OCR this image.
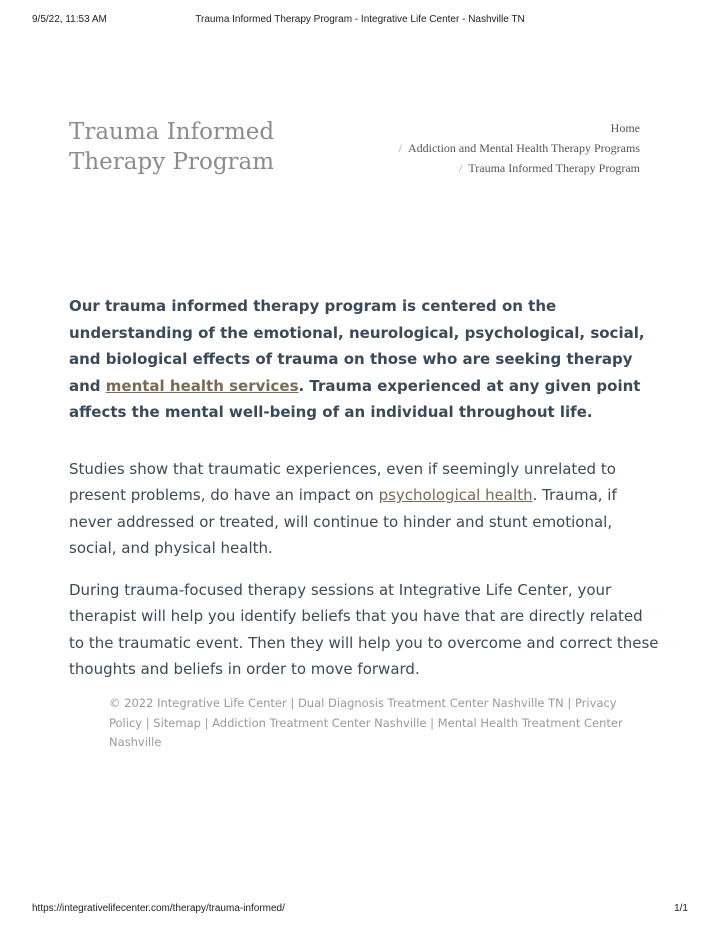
9/5/22, 11:53 AM	Trauma Informed Therapy Program - Integrative Life Center - Nashville TN
Trauma Informed Therapy Program
Home
/ Addiction and Mental Health Therapy Programs
/ Trauma Informed Therapy Program

Our trauma informed therapy program is centered on the understanding of the emotional, neurological, psychological, social, and biological effects of trauma on those who are seeking therapy and mental health services. Trauma experienced at any given point affects the mental well-being of an individual throughout life.

Studies show that traumatic experiences, even if seemingly unrelated to present problems, do have an impact on psychological health. Trauma, if never addressed or treated, will continue to hinder and stunt emotional, social, and physical health.

During trauma-focused therapy sessions at Integrative Life Center, your therapist will help you identify beliefs that you have that are directly related to the traumatic event. Then they will help you to overcome and correct these thoughts and beliefs in order to move forward.

© 2022 Integrative Life Center | Dual Diagnosis Treatment Center Nashville TN | Privacy Policy | Sitemap | Addiction Treatment Center Nashville | Mental Health Treatment Center Nashville
https://integrativelifecenter.com/therapy/trauma-informed/	1/1
